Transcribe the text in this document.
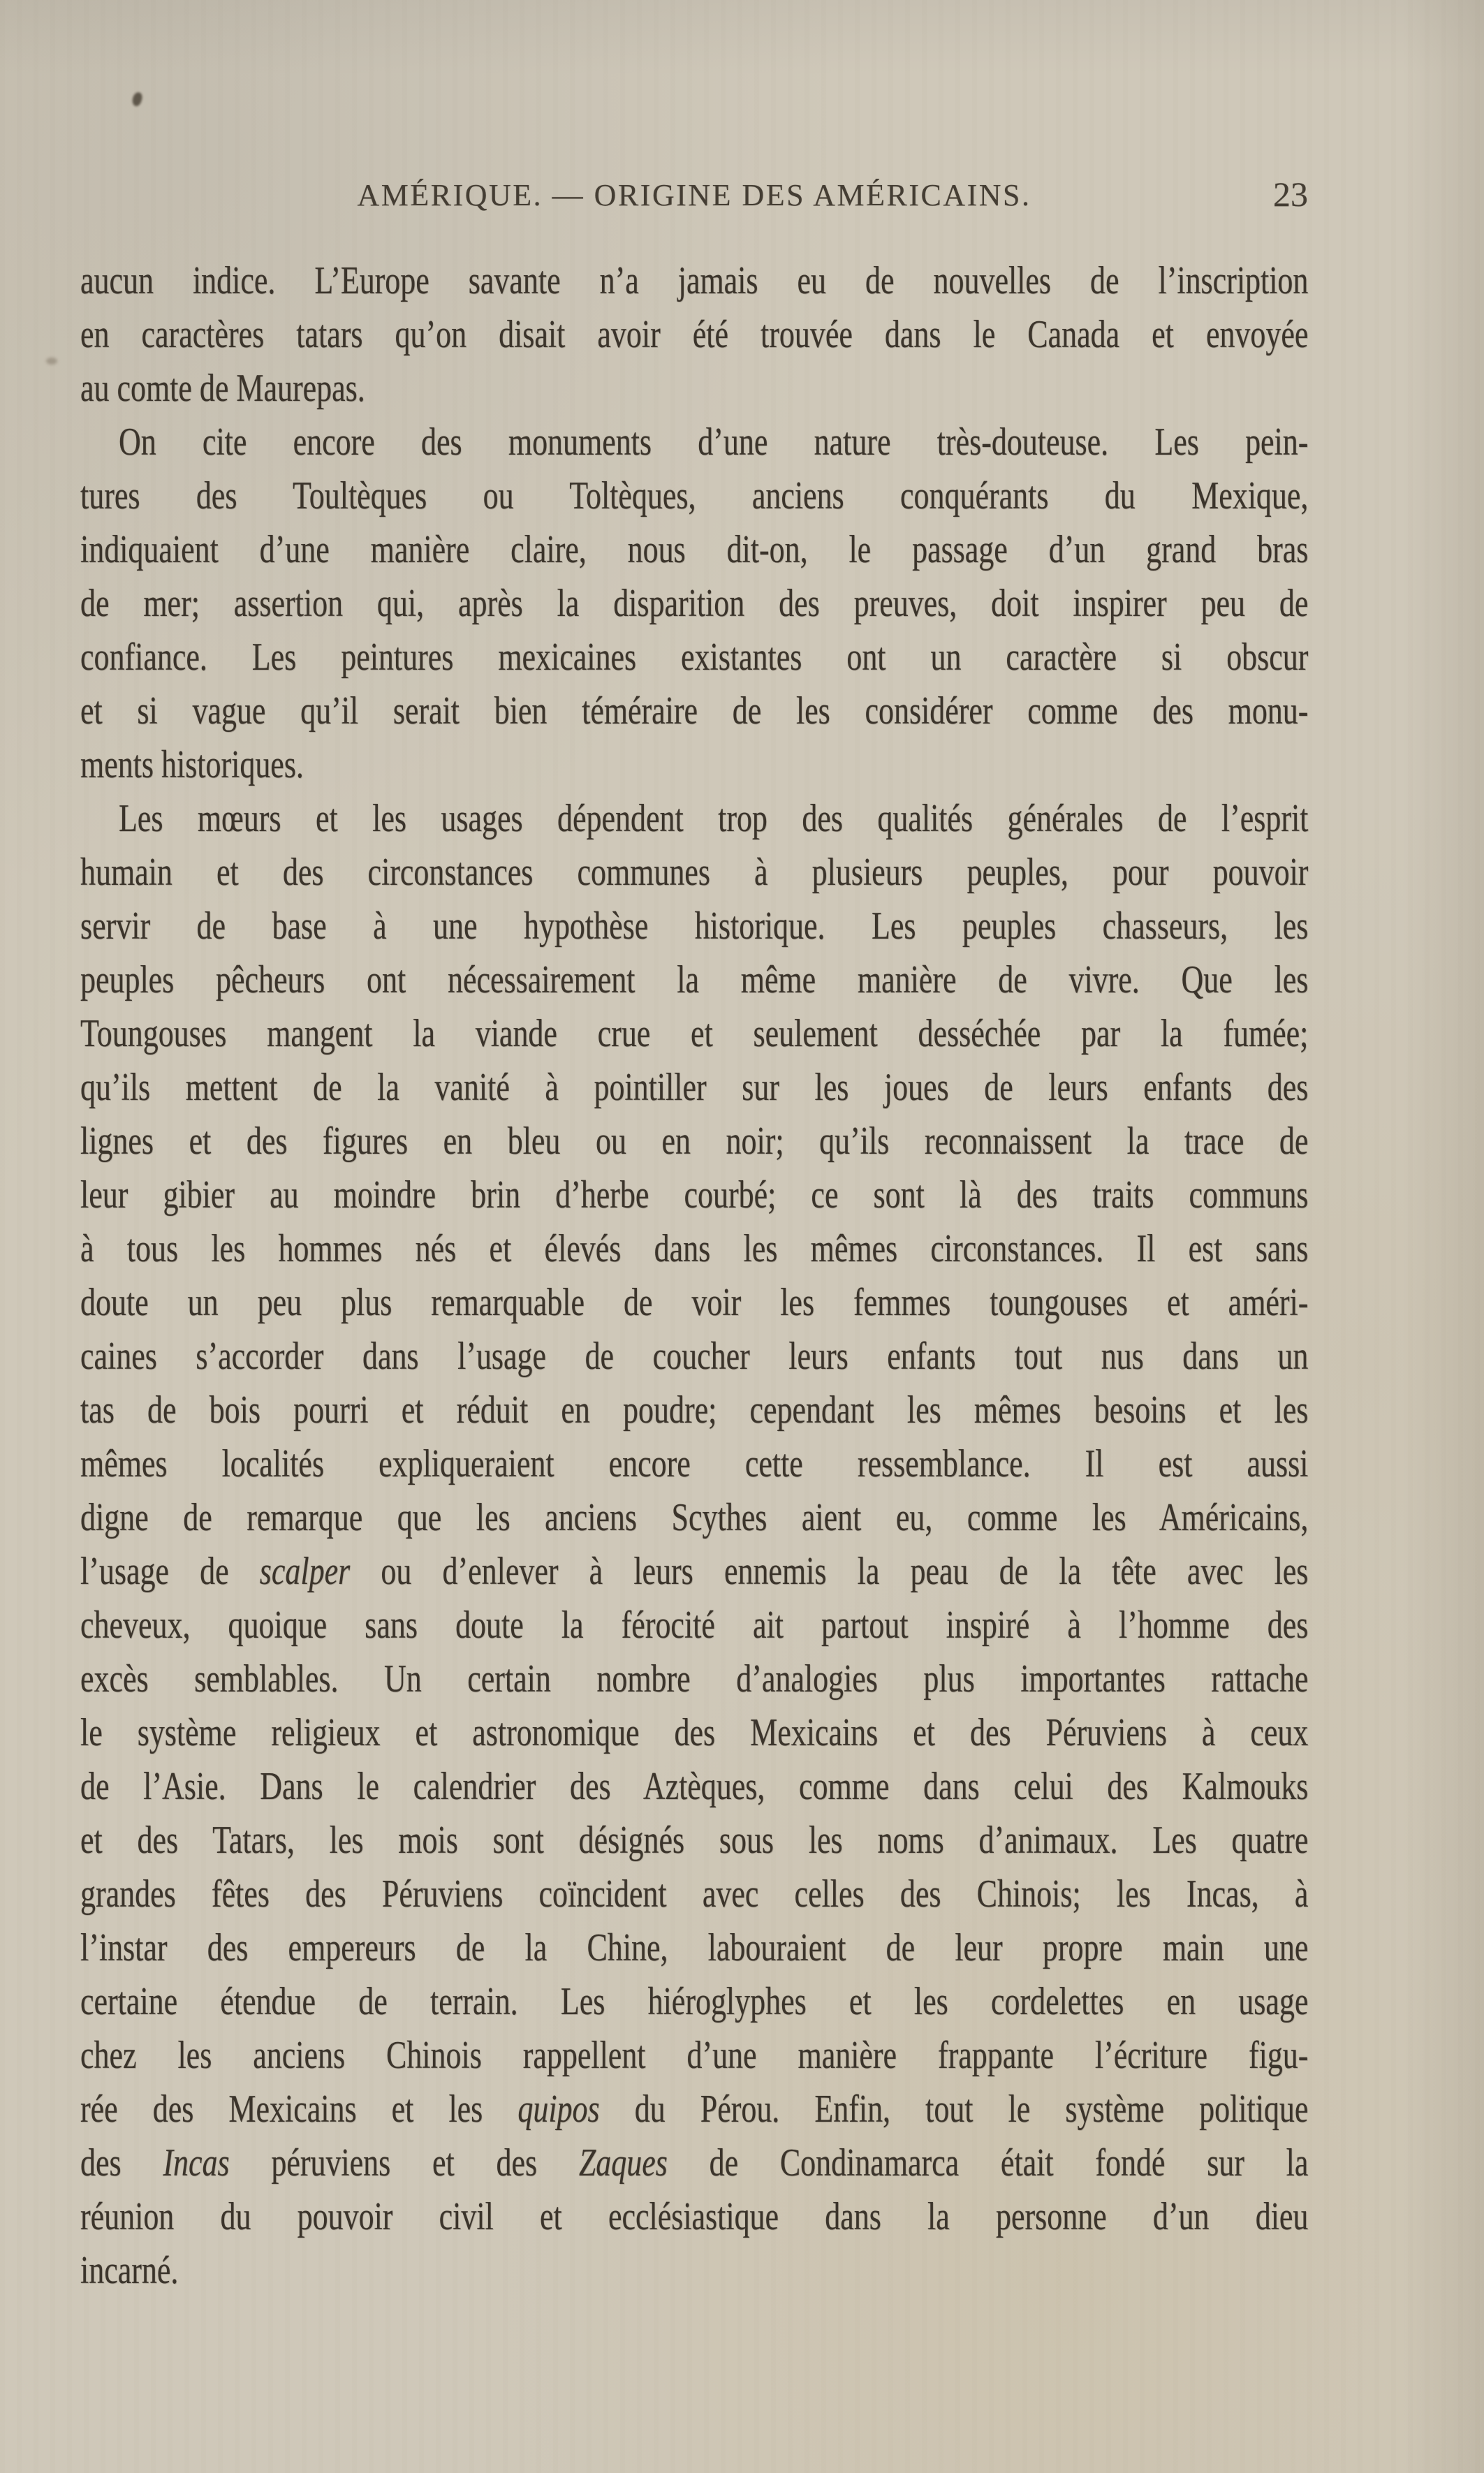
AMÉRIQUE. — ORIGINE DES AMÉRICAINS.	23
aucun indice. L’Europe savante n’a jamais eu de nouvelles de l’inscription
en caractères tatars qu’on disait avoir été trouvée dans le Canada et envoyée
au comte de Maurepas.
On cite encore des monuments d’une nature très-douteuse. Les pein-
tures des Toultèques ou Toltèques, anciens conquérants du Mexique,
indiquaient d’une manière claire, nous dit-on, le passage d’un grand bras
de mer; assertion qui, après la disparition des preuves, doit inspirer peu de
confiance. Les peintures mexicaines existantes ont un caractère si obscur
et si vague qu’il serait bien téméraire de les considérer comme des monu-
ments historiques.
Les mœurs et les usages dépendent trop des qualités générales de l’esprit
humain et des circonstances communes à plusieurs peuples, pour pouvoir
servir de base à une hypothèse historique. Les peuples chasseurs, les
peuples pêcheurs ont nécessairement la même manière de vivre. Que les
Toungouses mangent la viande crue et seulement desséchée par la fumée;
qu’ils mettent de la vanité à pointiller sur les joues de leurs enfants des
lignes et des figures en bleu ou en noir; qu’ils reconnaissent la trace de
leur gibier au moindre brin d’herbe courbé; ce sont là des traits communs
à tous les hommes nés et élevés dans les mêmes circonstances. Il est sans
doute un peu plus remarquable de voir les femmes toungouses et améri-
caines s’accorder dans l’usage de coucher leurs enfants tout nus dans un
tas de bois pourri et réduit en poudre; cependant les mêmes besoins et les
mêmes localités expliqueraient encore cette ressemblance. Il est aussi
digne de remarque que les anciens Scythes aient eu, comme les Américains,
l’usage de scalper ou d’enlever à leurs ennemis la peau de la tête avec les
cheveux, quoique sans doute la férocité ait partout inspiré à l’homme des
excès semblables. Un certain nombre d’analogies plus importantes rattache
le système religieux et astronomique des Mexicains et des Péruviens à ceux
de l’Asie. Dans le calendrier des Aztèques, comme dans celui des Kalmouks
et des Tatars, les mois sont désignés sous les noms d’animaux. Les quatre
grandes fêtes des Péruviens coïncident avec celles des Chinois; les Incas, à
l’instar des empereurs de la Chine, labouraient de leur propre main une
certaine étendue de terrain. Les hiéroglyphes et les cordelettes en usage
chez les anciens Chinois rappellent d’une manière frappante l’écriture figu-
rée des Mexicains et les quipos du Pérou. Enfin, tout le système politique
des Incas péruviens et des Zaques de Condinamarca était fondé sur la
réunion du pouvoir civil et ecclésiastique dans la personne d’un dieu
incarné.
